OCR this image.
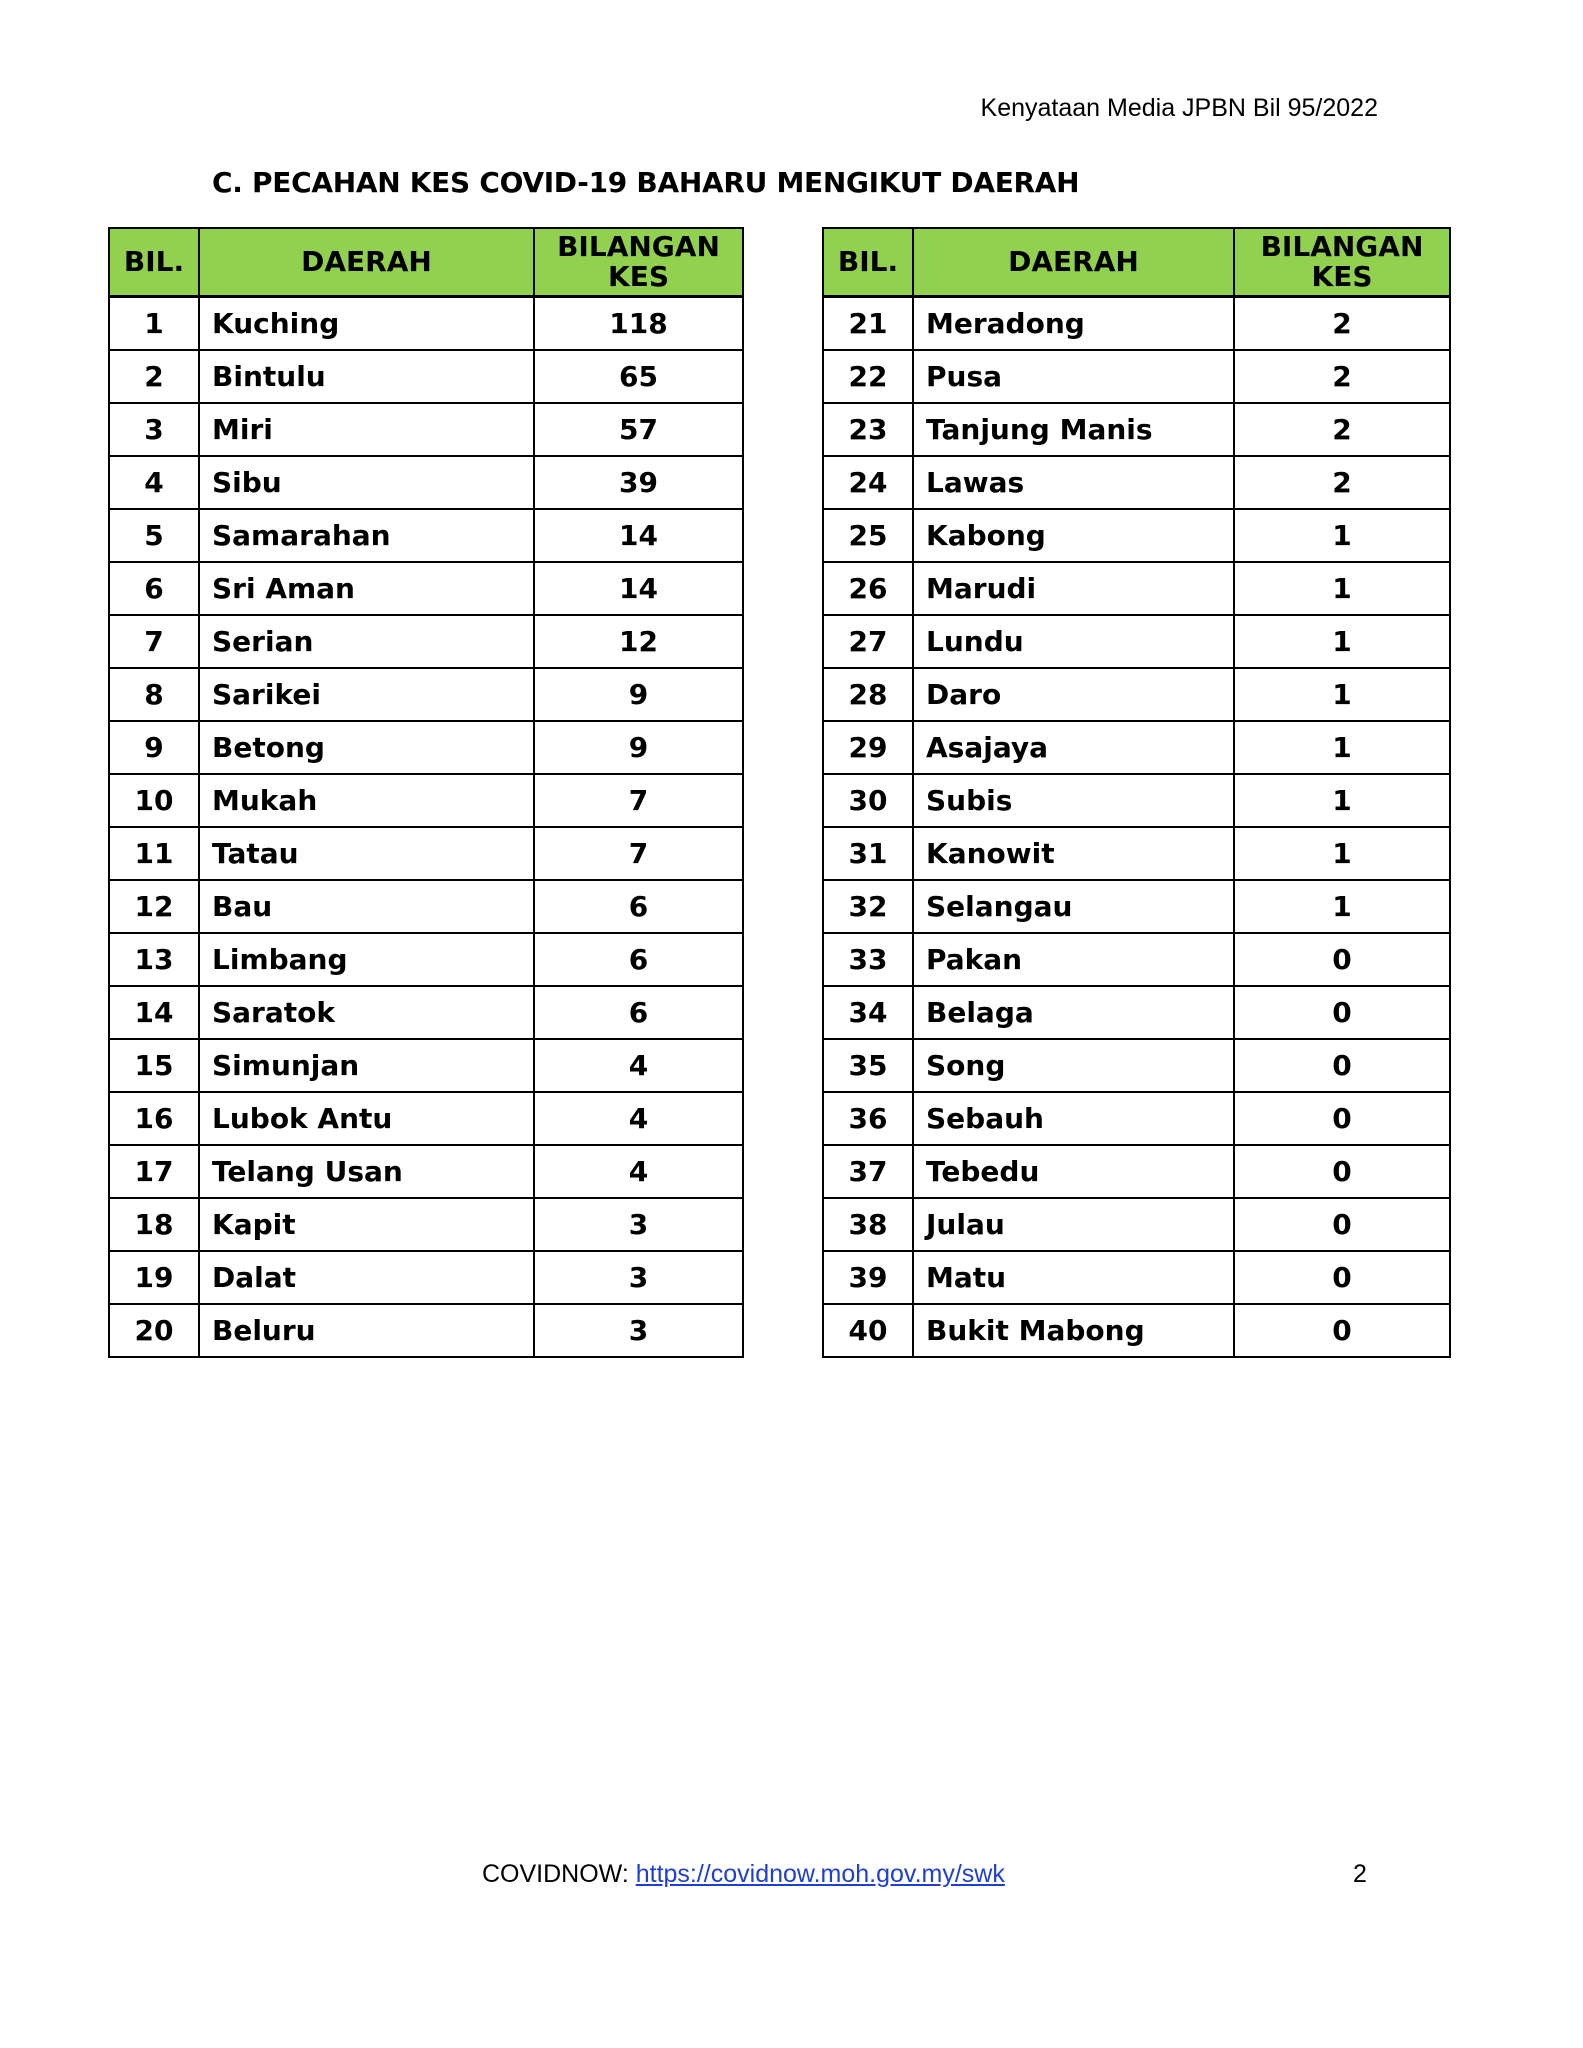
Kenyataan Media JPBN Bil 95/2022
C. PECAHAN KES COVID-19 BAHARU MENGIKUT DAERAH
BIL.	DAERAH	BILANGAN
KES
1	Kuching	118
2	Bintulu	65
3	Miri	57
4	Sibu	39
5	Samarahan	14
6	Sri Aman	14
7	Serian	12
8	Sarikei	9
9	Betong	9
10	Mukah	7
11	Tatau	7
12	Bau	6
13	Limbang	6
14	Saratok	6
15	Simunjan	4
16	Lubok Antu	4
17	Telang Usan	4
18	Kapit	3
19	Dalat	3
20	Beluru	3
BIL.	DAERAH	BILANGAN
KES
21	Meradong	2
22	Pusa	2
23	Tanjung Manis	2
24	Lawas	2
25	Kabong	1
26	Marudi	1
27	Lundu	1
28	Daro	1
29	Asajaya	1
30	Subis	1
31	Kanowit	1
32	Selangau	1
33	Pakan	0
34	Belaga	0
35	Song	0
36	Sebauh	0
37	Tebedu	0
38	Julau	0
39	Matu	0
40	Bukit Mabong	0
COVIDNOW: https://covidnow.moh.gov.my/swk	2
